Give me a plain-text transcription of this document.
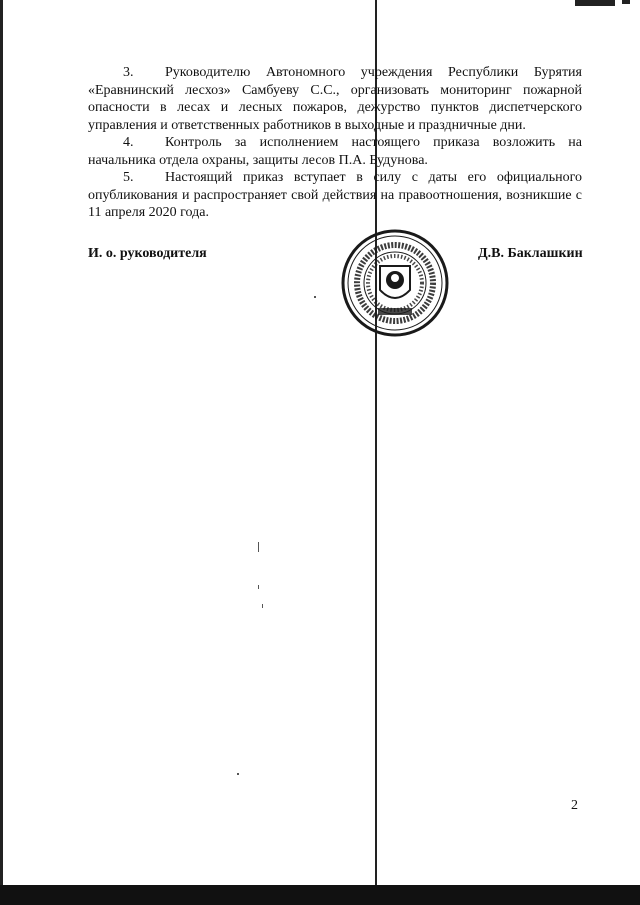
3. Руководителю Автономного учреждения Республики Бурятия «Еравнинский лесхоз» Самбуеву С.С., организовать мониторинг пожарной опасности в лесах и лесных пожаров, дежурство пунктов диспетчерского управления и ответственных работников в выходные и праздничные дни.

4. Контроль за исполнением настоящего приказа возложить на начальника отдела охраны, защиты лесов П.А. Будунова.

5. Настоящий приказ вступает в силу с даты его официального опубликования и распространяет свой действия на правоотношения, возникшие с 11 апреля 2020 года.

И. о. руководителя	Д.В. Баклашкин
2
